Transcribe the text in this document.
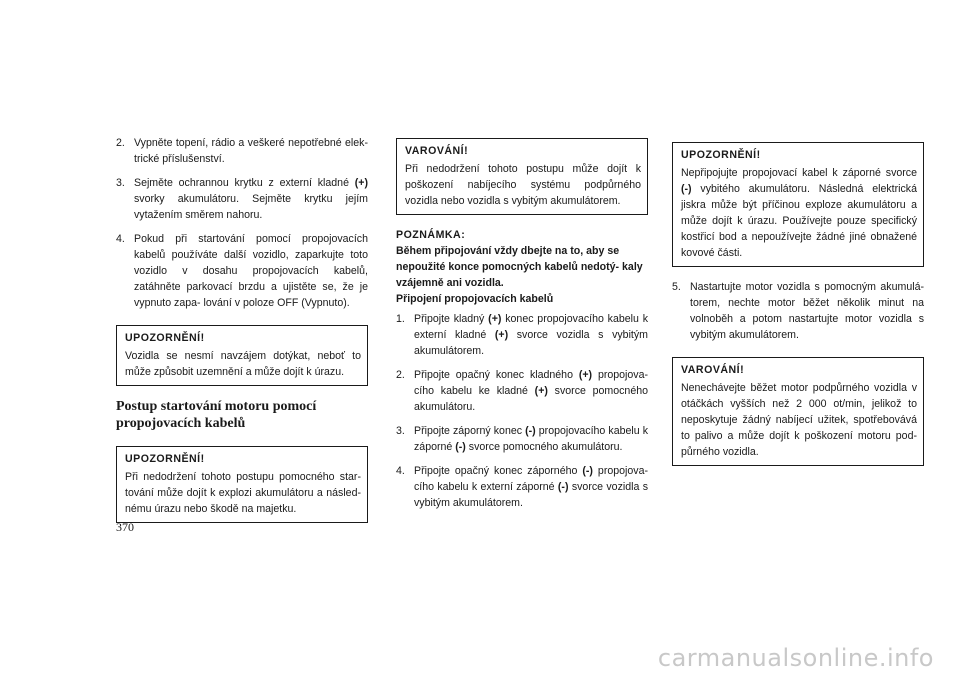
2. Vypněte topení, rádio a veškeré nepotřebné elek- trické příslušenství.
3. Sejměte ochrannou krytku z externí kladné (+) svorky akumulátoru. Sejměte krytku jejím vytažením směrem nahoru.
4. Pokud při startování pomocí propojovacích kabelů používáte další vozidlo, zaparkujte toto vozidlo v dosahu propojovacích kabelů, zatáhněte parkovací brzdu a ujistěte se, že je vypnuto zapa- lování v poloze OFF (Vypnuto).
UPOZORNĚNÍ!

Vozidla se nesmí navzájem dotýkat, neboť to může způsobit uzemnění a může dojít k úrazu.

Postup startování motoru pomocí propojovacích kabelů
UPOZORNĚNÍ!

Při nedodržení tohoto postupu pomocného star- tování může dojít k explozi akumulátoru a násled- nému úrazu nebo škodě na majetku.

VAROVÁNÍ!

Při nedodržení tohoto postupu může dojít k poškození nabíjecího systému podpůrného vozidla nebo vozidla s vybitým akumulátorem.

POZNÁMKA:
Během připojování vždy dbejte na to, aby se nepoužité konce pomocných kabelů nedotý- kaly vzájemně ani vozidla.
Připojení propojovacích kabelů
1. Připojte kladný (+) konec propojovacího kabelu k externí kladné (+) svorce vozidla s vybitým akumulátorem.
2. Připojte opačný konec kladného (+) propojova- cího kabelu ke kladné (+) svorce pomocného akumulátoru.
3. Připojte záporný konec (-) propojovacího kabelu k záporné (-) svorce pomocného akumulátoru.
4. Připojte opačný konec záporného (-) propojova- cího kabelu k externí záporné (-) svorce vozidla s vybitým akumulátorem.
UPOZORNĚNÍ!

Nepřipojujte propojovací kabel k záporné svorce (-) vybitého akumulátoru. Následná elektrická jiskra může být příčinou exploze akumulátoru a může dojít k úrazu. Používejte pouze specifický kostřicí bod a nepoužívejte žádné jiné obnažené kovové části.

5. Nastartujte motor vozidla s pomocným akumulá- torem, nechte motor běžet několik minut na volnoběh a potom nastartujte motor vozidla s vybitým akumulátorem.
VAROVÁNÍ!

Nenechávejte běžet motor podpůrného vozidla v otáčkách vyšších než 2 000 ot/min, jelikož to neposkytuje žádný nabíjecí užitek, spotřebovává to palivo a může dojít k poškození motoru pod- půrného vozidla.

370
carmanualsonline.info
